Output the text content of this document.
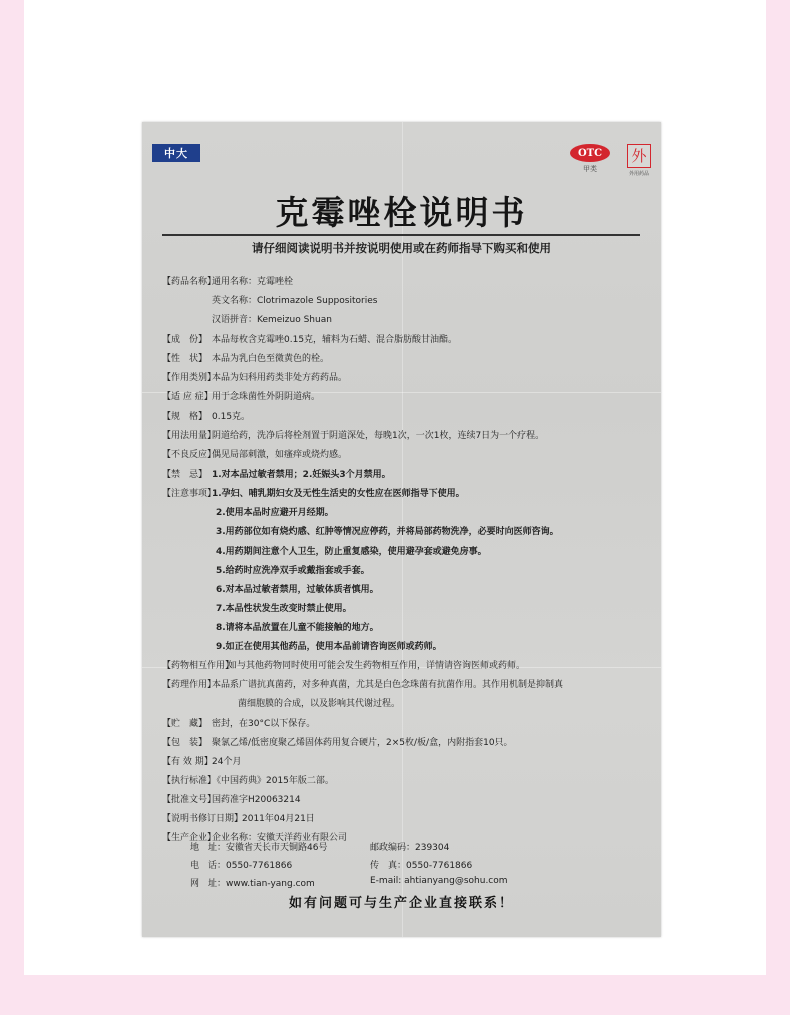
中大	OTC
甲类
外
外用药品
克霉唑栓说明书
请仔细阅读说明书并按说明使用或在药师指导下购买和使用
【药品名称】通用名称：克霉唑栓
英文名称：Clotrimazole Suppositories
汉语拼音：Kemeizuo Shuan
【成　份】 本品每枚含克霉唑0.15克，辅料为石蜡、混合脂肪酸甘油酯。
【性　状】 本品为乳白色至微黄色的栓。
【作用类别】本品为妇科用药类非处方药药品。
【适 应 症】用于念珠菌性外阴阴道病。
【规　格】 0.15克。
【用法用量】阴道给药，洗净后将栓剂置于阴道深处，每晚1次，一次1枚，连续7日为一个疗程。
【不良反应】偶见局部刺激，如瘙痒或烧灼感。
【禁　忌】 1.对本品过敏者禁用；2.妊娠头3个月禁用。
【注意事项】1.孕妇、哺乳期妇女及无性生活史的女性应在医师指导下使用。
2.使用本品时应避开月经期。
3.用药部位如有烧灼感、红肿等情况应停药，并将局部药物洗净，必要时向医师咨询。
4.用药期间注意个人卫生，防止重复感染，使用避孕套或避免房事。
5.给药时应洗净双手或戴指套或手套。
6.对本品过敏者禁用，过敏体质者慎用。
7.本品性状发生改变时禁止使用。
8.请将本品放置在儿童不能接触的地方。
9.如正在使用其他药品，使用本品前请咨询医师或药师。
【药物相互作用】如与其他药物同时使用可能会发生药物相互作用，详情请咨询医师或药师。
【药理作用】本品系广谱抗真菌药，对多种真菌，尤其是白色念珠菌有抗菌作用。其作用机制是抑制真
菌细胞膜的合成，以及影响其代谢过程。
【贮　藏】 密封，在30°C以下保存。
【包　装】 聚氯乙烯/低密度聚乙烯固体药用复合硬片，2×5枚/板/盒，内附指套10只。
【有 效 期】24个月
【执行标准】《中国药典》2015年版二部。
【批准文号】国药准字H20063214
【说明书修订日期】2011年04月21日
【生产企业】企业名称：安徽天洋药业有限公司
地　址：安徽省天长市天铜路46号	邮政编码：239304
电　话：0550-7761866	传　真：0550-7761866
网　址：www.tian-yang.com	E-mail: ahtianyang@sohu.com
如有问题可与生产企业直接联系！
